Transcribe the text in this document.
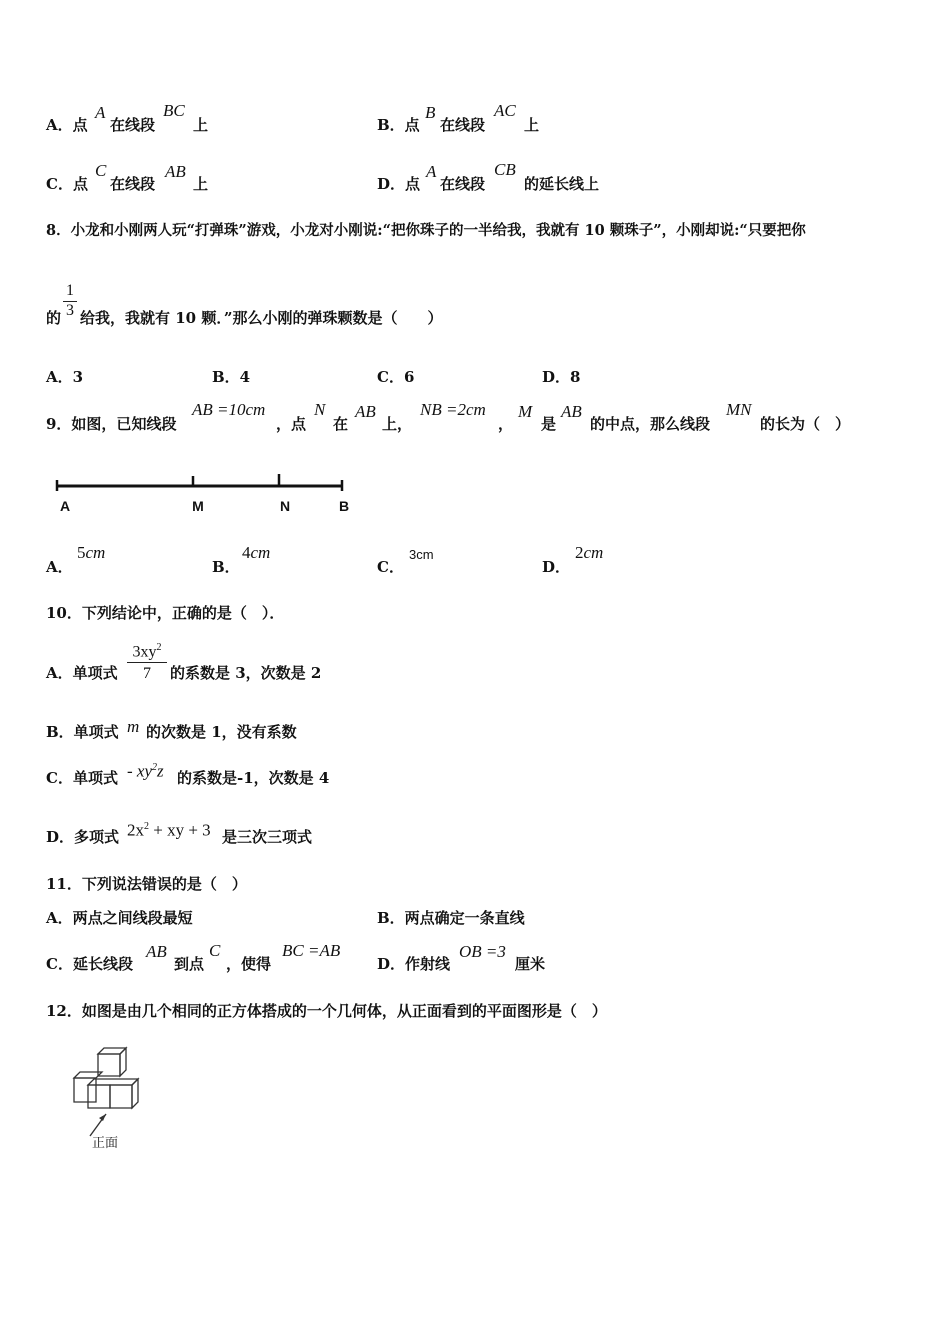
A．点
A
在线段
BC
上	B．点
B
在线段
AC
上
C．点
C
在线段
AB
上	D．点
A
在线段
CB
的延长线上
8．小龙和小刚两人玩“打弹珠”游戏，小龙对小刚说:“把你珠子的一半给我，我就有 10 颗珠子”，小刚却说:“只要把你
的
1
3 给我，我就有 10 颗．”那么小刚的弹珠颗数是（　　）
A．3	B．4	C．6	D．8
9．如图，已知线段
AB =10cm
，点
N
在
AB
上，
NB =2cm
，
M
是
AB
的中点，那么线段
MN
的长为（　）
A	M	N	B
A．
5cm
B．
4cm
C．
3cm
D．
2cm
10．下列结论中，正确的是（　）．
A．单项式
$3xy^2$
7	的系数是 3，次数是 2
B．单项式 m 的次数是 1，没有系数
C．单项式 - $xy^2z$ 的系数是-1，次数是 4
D．多项式 $2x^2$ + xy + 3 是三次三项式
11．下列说法错误的是（　）
A．两点之间线段最短	B．两点确定一条直线
C．延长线段
AB
到点
C
，使得
BC =AB
D．作射线
OB =3
厘米
12．如图是由几个相同的正方体搭成的一个几何体，从正面看到的平面图形是（　）
正面
